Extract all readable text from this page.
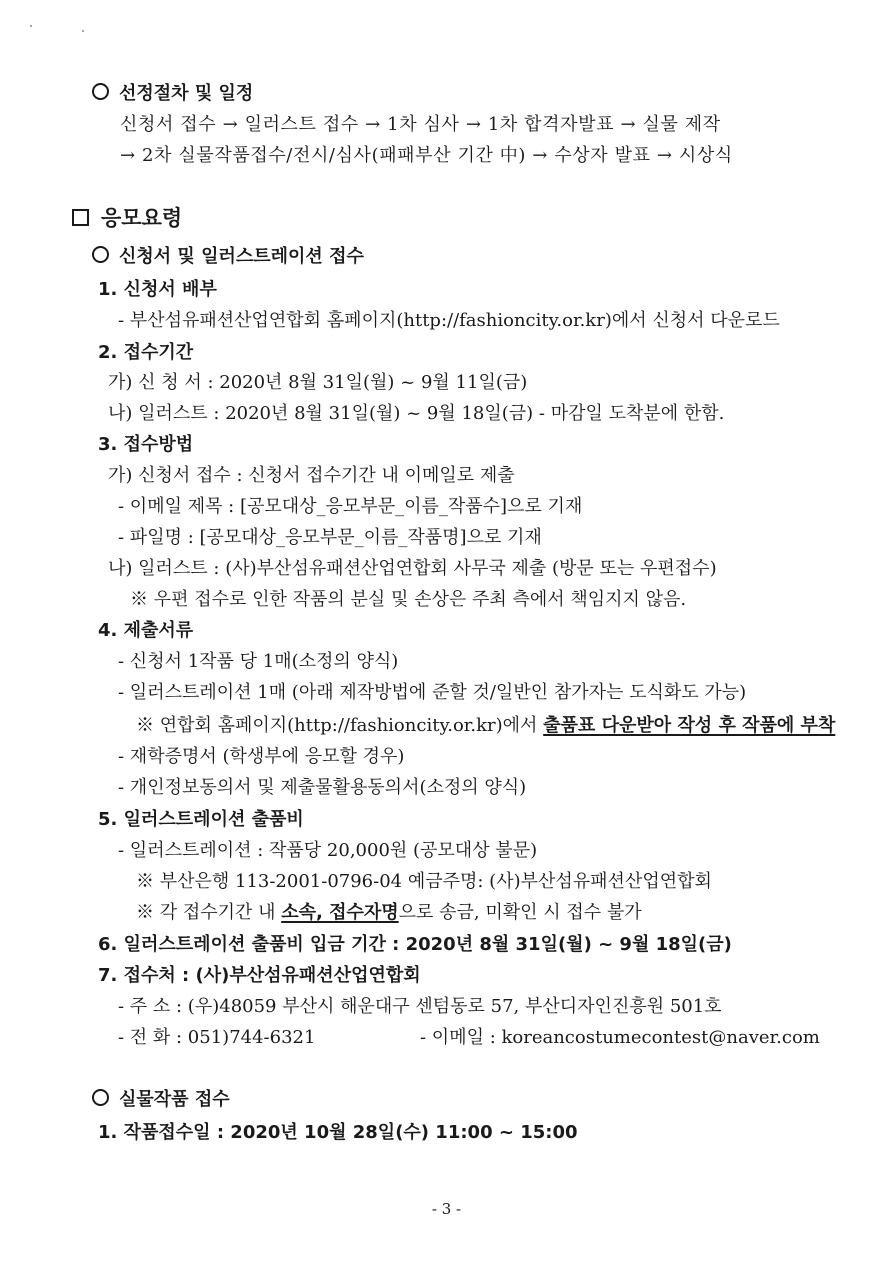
선정절차 및 일정
신청서 접수 → 일러스트 접수 → 1차 심사 → 1차 합격자발표 → 실물 제작
→ 2차 실물작품접수/전시/심사(패패부산 기간 中) → 수상자 발표 → 시상식
응모요령
신청서 및 일러스트레이션 접수
1. 신청서 배부
- 부산섬유패션산업연합회 홈페이지(http://fashioncity.or.kr)에서 신청서 다운로드
2. 접수기간
가) 신 청 서 : 2020년 8월 31일(월) ~ 9월 11일(금)
나) 일러스트 : 2020년 8월 31일(월) ~ 9월 18일(금) - 마감일 도착분에 한함.
3. 접수방법
가) 신청서 접수 : 신청서 접수기간 내 이메일로 제출
- 이메일 제목 : [공모대상_응모부문_이름_작품수]으로 기재
- 파일명 : [공모대상_응모부문_이름_작품명]으로 기재
나) 일러스트 : (사)부산섬유패션산업연합회 사무국 제출 (방문 또는 우편접수)
※ 우편 접수로 인한 작품의 분실 및 손상은 주최 측에서 책임지지 않음.
4. 제출서류
- 신청서 1작품 당 1매(소정의 양식)
- 일러스트레이션 1매 (아래 제작방법에 준할 것/일반인 참가자는 도식화도 가능)
※ 연합회 홈페이지(http://fashioncity.or.kr)에서 출품표 다운받아 작성 후 작품에 부착
- 재학증명서 (학생부에 응모할 경우)
- 개인정보동의서 및 제출물활용동의서(소정의 양식)
5. 일러스트레이션 출품비
- 일러스트레이션 : 작품당 20,000원 (공모대상 불문)
※ 부산은행 113-2001-0796-04 예금주명: (사)부산섬유패션산업연합회
※ 각 접수기간 내 소속, 접수자명으로 송금, 미확인 시 접수 불가
6. 일러스트레이션 출품비 입금 기간 : 2020년 8월 31일(월) ~ 9월 18일(금)
7. 접수처 : (사)부산섬유패션산업연합회
- 주 소 : (우)48059 부산시 해운대구 센텀동로 57, 부산디자인진흥원 501호
- 전 화 : 051)744-6321	- 이메일 : koreancostumecontest@naver.com
실물작품 접수
1. 작품접수일 : 2020년 10월 28일(수) 11:00 ~ 15:00
- 3 -
